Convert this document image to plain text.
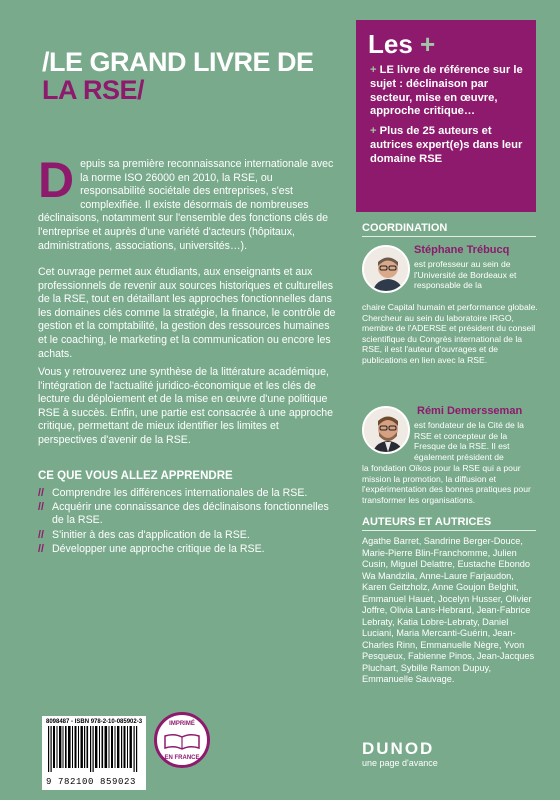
/LE GRAND LIVRE DE
LA RSE/
Depuis sa première reconnaissance internationale avec la norme ISO 26000 en 2010, la RSE, ou responsabilité sociétale des entreprises, s'est complexifiée. Il existe désormais de nombreuses déclinaisons, notamment sur l'ensemble des fonctions clés de l'entreprise et auprès d'une variété d'acteurs (hôpitaux, administrations, associations, universités…).
Cet ouvrage permet aux étudiants, aux enseignants et aux professionnels de revenir aux sources historiques et culturelles de la RSE, tout en détaillant les approches fonctionnelles dans les domaines clés comme la stratégie, la finance, le contrôle de gestion et la comptabilité, la gestion des ressources humaines et le coaching, le marketing et la communication ou encore les achats.
Vous y retrouverez une synthèse de la littérature académique, l'intégration de l'actualité juridico-économique et les clés de lecture du déploiement et de la mise en œuvre d'une politique RSE à succès. Enfin, une partie est consacrée à une approche critique, permettant de mieux identifier les limites et perspectives d'avenir de la RSE.
CE QUE VOUS ALLEZ APPRENDRE
// Comprendre les différences internationales de la RSE.
// Acquérir une connaissance des déclinaisons fonctionnelles de la RSE.
// S'initier à des cas d'application de la RSE.
// Développer une approche critique de la RSE.
Les +
+ LE livre de référence sur le sujet : déclinaison par secteur, mise en œuvre, approche critique…
+ Plus de 25 auteurs et autrices expert(e)s dans leur domaine RSE
COORDINATION
Stéphane Trébucq
est professeur au sein de l'Université de Bordeaux et responsable de la
chaire Capital humain et performance globale. Chercheur au sein du laboratoire IRGO, membre de l'ADERSE et président du conseil scientifique du Congrès international de la RSE, il est l'auteur d'ouvrages et de publications en lien avec la RSE.
Rémi Demersseman
est fondateur de la Cité de la RSE et concepteur de la Fresque de la RSE. Il est également président de
la fondation Oïkos pour la RSE qui a pour mission la promotion, la diffusion et l'expérimentation des bonnes pratiques pour transformer les organisations.
AUTEURS ET AUTRICES
Agathe Barret, Sandrine Berger-Douce, Marie-Pierre Blin-Franchomme, Julien Cusin, Miguel Delattre, Eustache Ebondo Wa Mandzila, Anne-Laure Farjaudon, Karen Geitzholz, Anne Goujon Belghit, Emmanuel Hauet, Jocelyn Husser, Olivier Joffre, Olivia Lans-Hebrard, Jean-Fabrice Lebraty, Katia Lobre-Lebraty, Daniel Luciani, Maria Mercanti-Guérin, Jean-Charles Rinn, Emmanuelle Nègre, Yvon Pesqueux, Fabienne Pinos, Jean-Jacques Pluchart, Sybille Ramon Dupuy, Emmanuelle Sauvage.
8098487 - ISBN 978-2-10-085902-3
9 782100 859023
IMPRIMÉ
EN FRANCE	DUNOD
une page d'avance
